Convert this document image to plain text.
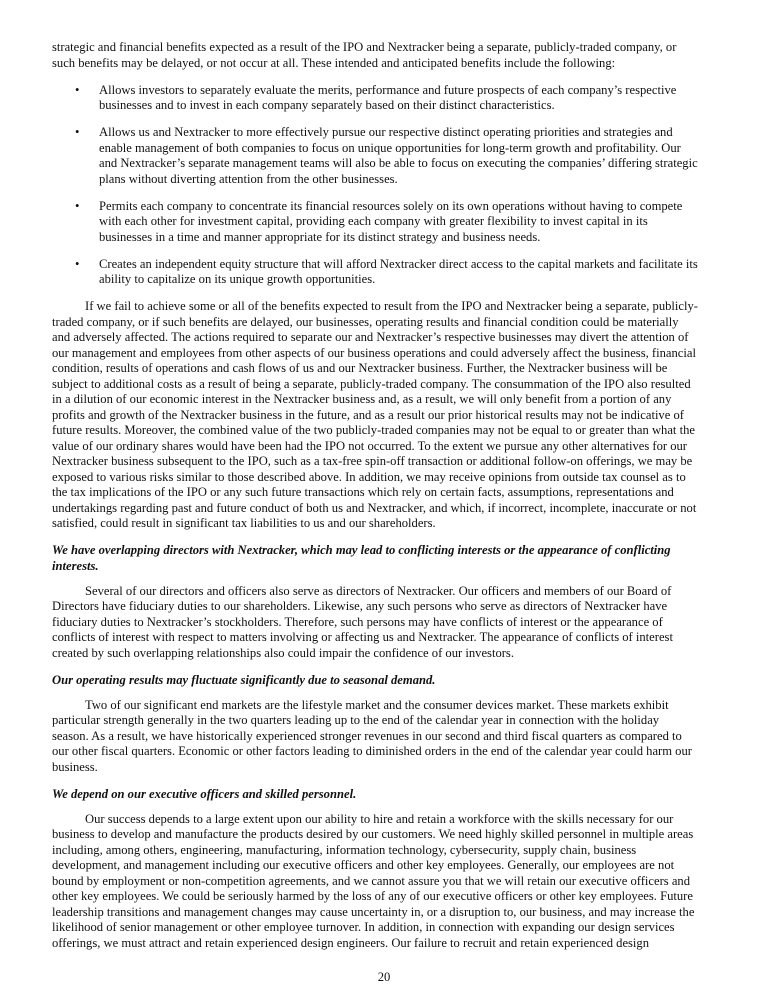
strategic and financial benefits expected as a result of the IPO and Nextracker being a separate, publicly-traded company, or
such benefits may be delayed, or not occur at all. These intended and anticipated benefits include the following:
• Allows investors to separately evaluate the merits, performance and future prospects of each company’s respective
businesses and to invest in each company separately based on their distinct characteristics.
• Allows us and Nextracker to more effectively pursue our respective distinct operating priorities and strategies and
enable management of both companies to focus on unique opportunities for long-term growth and profitability. Our
and Nextracker’s separate management teams will also be able to focus on executing the companies’ differing strategic
plans without diverting attention from the other businesses.
• Permits each company to concentrate its financial resources solely on its own operations without having to compete
with each other for investment capital, providing each company with greater flexibility to invest capital in its
businesses in a time and manner appropriate for its distinct strategy and business needs.
• Creates an independent equity structure that will afford Nextracker direct access to the capital markets and facilitate its
ability to capitalize on its unique growth opportunities.
If we fail to achieve some or all of the benefits expected to result from the IPO and Nextracker being a separate, publicly-
traded company, or if such benefits are delayed, our businesses, operating results and financial condition could be materially
and adversely affected. The actions required to separate our and Nextracker’s respective businesses may divert the attention of
our management and employees from other aspects of our business operations and could adversely affect the business, financial
condition, results of operations and cash flows of us and our Nextracker business. Further, the Nextracker business will be
subject to additional costs as a result of being a separate, publicly-traded company. The consummation of the IPO also resulted
in a dilution of our economic interest in the Nextracker business and, as a result, we will only benefit from a portion of any
profits and growth of the Nextracker business in the future, and as a result our prior historical results may not be indicative of
future results. Moreover, the combined value of the two publicly-traded companies may not be equal to or greater than what the
value of our ordinary shares would have been had the IPO not occurred. To the extent we pursue any other alternatives for our
Nextracker business subsequent to the IPO, such as a tax-free spin-off transaction or additional follow-on offerings, we may be
exposed to various risks similar to those described above. In addition, we may receive opinions from outside tax counsel as to
the tax implications of the IPO or any such future transactions which rely on certain facts, assumptions, representations and
undertakings regarding past and future conduct of both us and Nextracker, and which, if incorrect, incomplete, inaccurate or not
satisfied, could result in significant tax liabilities to us and our shareholders.
We have overlapping directors with Nextracker, which may lead to conflicting interests or the appearance of conflicting
interests.
Several of our directors and officers also serve as directors of Nextracker. Our officers and members of our Board of
Directors have fiduciary duties to our shareholders. Likewise, any such persons who serve as directors of Nextracker have
fiduciary duties to Nextracker’s stockholders. Therefore, such persons may have conflicts of interest or the appearance of
conflicts of interest with respect to matters involving or affecting us and Nextracker. The appearance of conflicts of interest
created by such overlapping relationships also could impair the confidence of our investors.
Our operating results may fluctuate significantly due to seasonal demand.
Two of our significant end markets are the lifestyle market and the consumer devices market. These markets exhibit
particular strength generally in the two quarters leading up to the end of the calendar year in connection with the holiday
season. As a result, we have historically experienced stronger revenues in our second and third fiscal quarters as compared to
our other fiscal quarters. Economic or other factors leading to diminished orders in the end of the calendar year could harm our
business.
We depend on our executive officers and skilled personnel.
Our success depends to a large extent upon our ability to hire and retain a workforce with the skills necessary for our
business to develop and manufacture the products desired by our customers. We need highly skilled personnel in multiple areas
including, among others, engineering, manufacturing, information technology, cybersecurity, supply chain, business
development, and management including our executive officers and other key employees. Generally, our employees are not
bound by employment or non-competition agreements, and we cannot assure you that we will retain our executive officers and
other key employees. We could be seriously harmed by the loss of any of our executive officers or other key employees. Future
leadership transitions and management changes may cause uncertainty in, or a disruption to, our business, and may increase the
likelihood of senior management or other employee turnover. In addition, in connection with expanding our design services
offerings, we must attract and retain experienced design engineers. Our failure to recruit and retain experienced design
20
